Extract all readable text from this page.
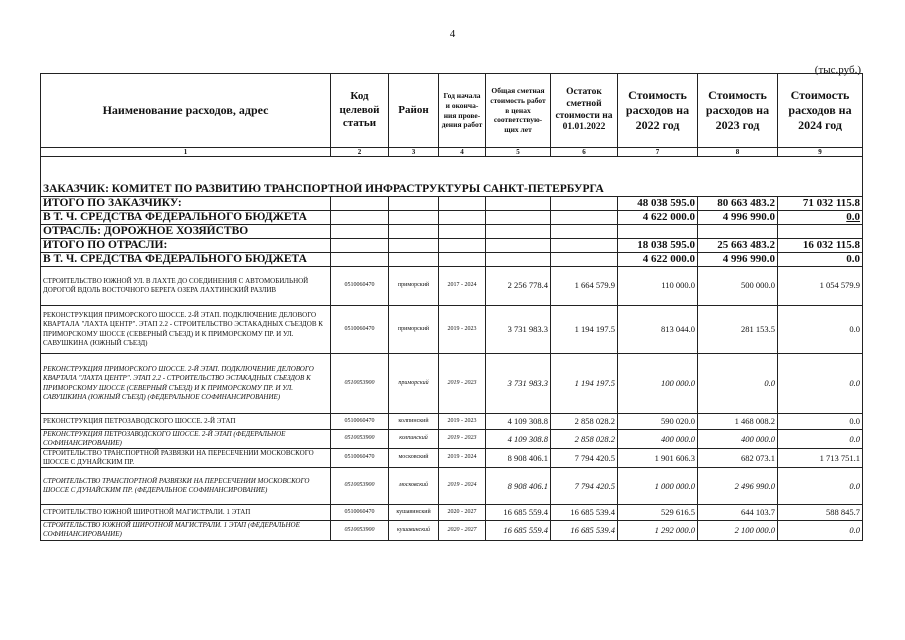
4
(тыс.руб.)
Наименование расходов, адрес	Код целевой статьи	Район	Год начала и оконча-ния прове-дения работ	Общая сметная стоимость работ в ценах соответствую-щих лет	Остаток сметной стоимости на 01.01.2022	Стоимость расходов на 2022 год	Стоимость расходов на 2023 год	Стоимость расходов на 2024 год
1	2	3	4	5	6	7	8	9

ЗАКАЗЧИК: КОМИТЕТ ПО РАЗВИТИЮ ТРАНСПОРТНОЙ ИНФРАСТРУКТУРЫ САНКТ-ПЕТЕРБУРГА								
ИТОГО ПО ЗАКАЗЧИКУ:						48 038 595.0	80 663 483.2	71 032 115.8
В Т. Ч. СРЕДСТВА ФЕДЕРАЛЬНОГО БЮДЖЕТА						4 622 000.0	4 996 990.0	0.0
ОТРАСЛЬ: ДОРОЖНОЕ ХОЗЯЙСТВО								
ИТОГО ПО ОТРАСЛИ:						18 038 595.0	25 663 483.2	16 032 115.8
В Т. Ч. СРЕДСТВА ФЕДЕРАЛЬНОГО БЮДЖЕТА						4 622 000.0	4 996 990.0	0.0
СТРОИТЕЛЬСТВО ЮЖНОЙ УЛ. В ЛАХТЕ ДО СОЕДИНЕНИЯ С АВТОМОБИЛЬНОЙ ДОРОГОЙ ВДОЛЬ ВОСТОЧНОГО БЕРЕГА ОЗЕРА ЛАХТИНСКИЙ РАЗЛИВ	0510060470	приморский	2017 - 2024	2 256 778.4	1 664 579.9	110 000.0	500 000.0	1 054 579.9
РЕКОНСТРУКЦИЯ ПРИМОРСКОГО ШОССЕ. 2-Й ЭТАП. ПОДКЛЮЧЕНИЕ ДЕЛОВОГО КВАРТАЛА "ЛАХТА ЦЕНТР". ЭТАП 2.2 - СТРОИТЕЛЬСТВО ЭСТАКАДНЫХ СЪЕЗДОВ К ПРИМОРСКОМУ ШОССЕ (СЕВЕРНЫЙ СЪЕЗД) И К ПРИМОРСКОМУ ПР. И УЛ. САВУШКИНА (ЮЖНЫЙ СЪЕЗД)	0510060470	приморский	2019 - 2023	3 731 983.3	1 194 197.5	813 044.0	281 153.5	0.0
РЕКОНСТРУКЦИЯ ПРИМОРСКОГО ШОССЕ. 2-Й ЭТАП. ПОДКЛЮЧЕНИЕ ДЕЛОВОГО КВАРТАЛА "ЛАХТА ЦЕНТР". ЭТАП 2.2 - СТРОИТЕЛЬСТВО ЭСТАКАДНЫХ СЪЕЗДОВ К ПРИМОРСКОМУ ШОССЕ (СЕВЕРНЫЙ СЪЕЗД) И К ПРИМОРСКОМУ ПР. И УЛ. САВУШКИНА (ЮЖНЫЙ СЪЕЗД) (ФЕДЕРАЛЬНОЕ СОФИНАНСИРОВАНИЕ)	0510053900	приморский	2019 - 2023	3 731 983.3	1 194 197.5	100 000.0	0.0	0.0
РЕКОНСТРУКЦИЯ ПЕТРОЗАВОДСКОГО ШОССЕ. 2-Й ЭТАП	0510060470	колпинский	2019 - 2023	4 109 308.8	2 858 028.2	590 020.0	1 468 008.2	0.0
РЕКОНСТРУКЦИЯ ПЕТРОЗАВОДСКОГО ШОССЕ. 2-Й ЭТАП (ФЕДЕРАЛЬНОЕ СОФИНАНСИРОВАНИЕ)	0510053900	колпинский	2019 - 2023	4 109 308.8	2 858 028.2	400 000.0	400 000.0	0.0
СТРОИТЕЛЬСТВО ТРАНСПОРТНОЙ РАЗВЯЗКИ НА ПЕРЕСЕЧЕНИИ МОСКОВСКОГО ШОССЕ С ДУНАЙСКИМ ПР.	0510060470	московский	2019 - 2024	8 908 406.1	7 794 420.5	1 901 606.3	682 073.1	1 713 751.1
СТРОИТЕЛЬСТВО ТРАНСПОРТНОЙ РАЗВЯЗКИ НА ПЕРЕСЕЧЕНИИ МОСКОВСКОГО ШОССЕ С ДУНАЙСКИМ ПР. (ФЕДЕРАЛЬНОЕ СОФИНАНСИРОВАНИЕ)	0510053900	московский	2019 - 2024	8 908 406.1	7 794 420.5	1 000 000.0	2 496 990.0	0.0
СТРОИТЕЛЬСТВО ЮЖНОЙ ШИРОТНОЙ МАГИСТРАЛИ. 1 ЭТАП	0510060470	кушавинский	2020 - 2027	16 685 559.4	16 685 539.4	529 616.5	644 103.7	588 845.7
СТРОИТЕЛЬСТВО ЮЖНОЙ ШИРОТНОЙ МАГИСТРАЛИ. 1 ЭТАП (ФЕДЕРАЛЬНОЕ СОФИНАНСИРОВАНИЕ)	0510053900	кушавинский	2020 - 2027	16 685 559.4	16 685 539.4	1 292 000.0	2 100 000.0	0.0
